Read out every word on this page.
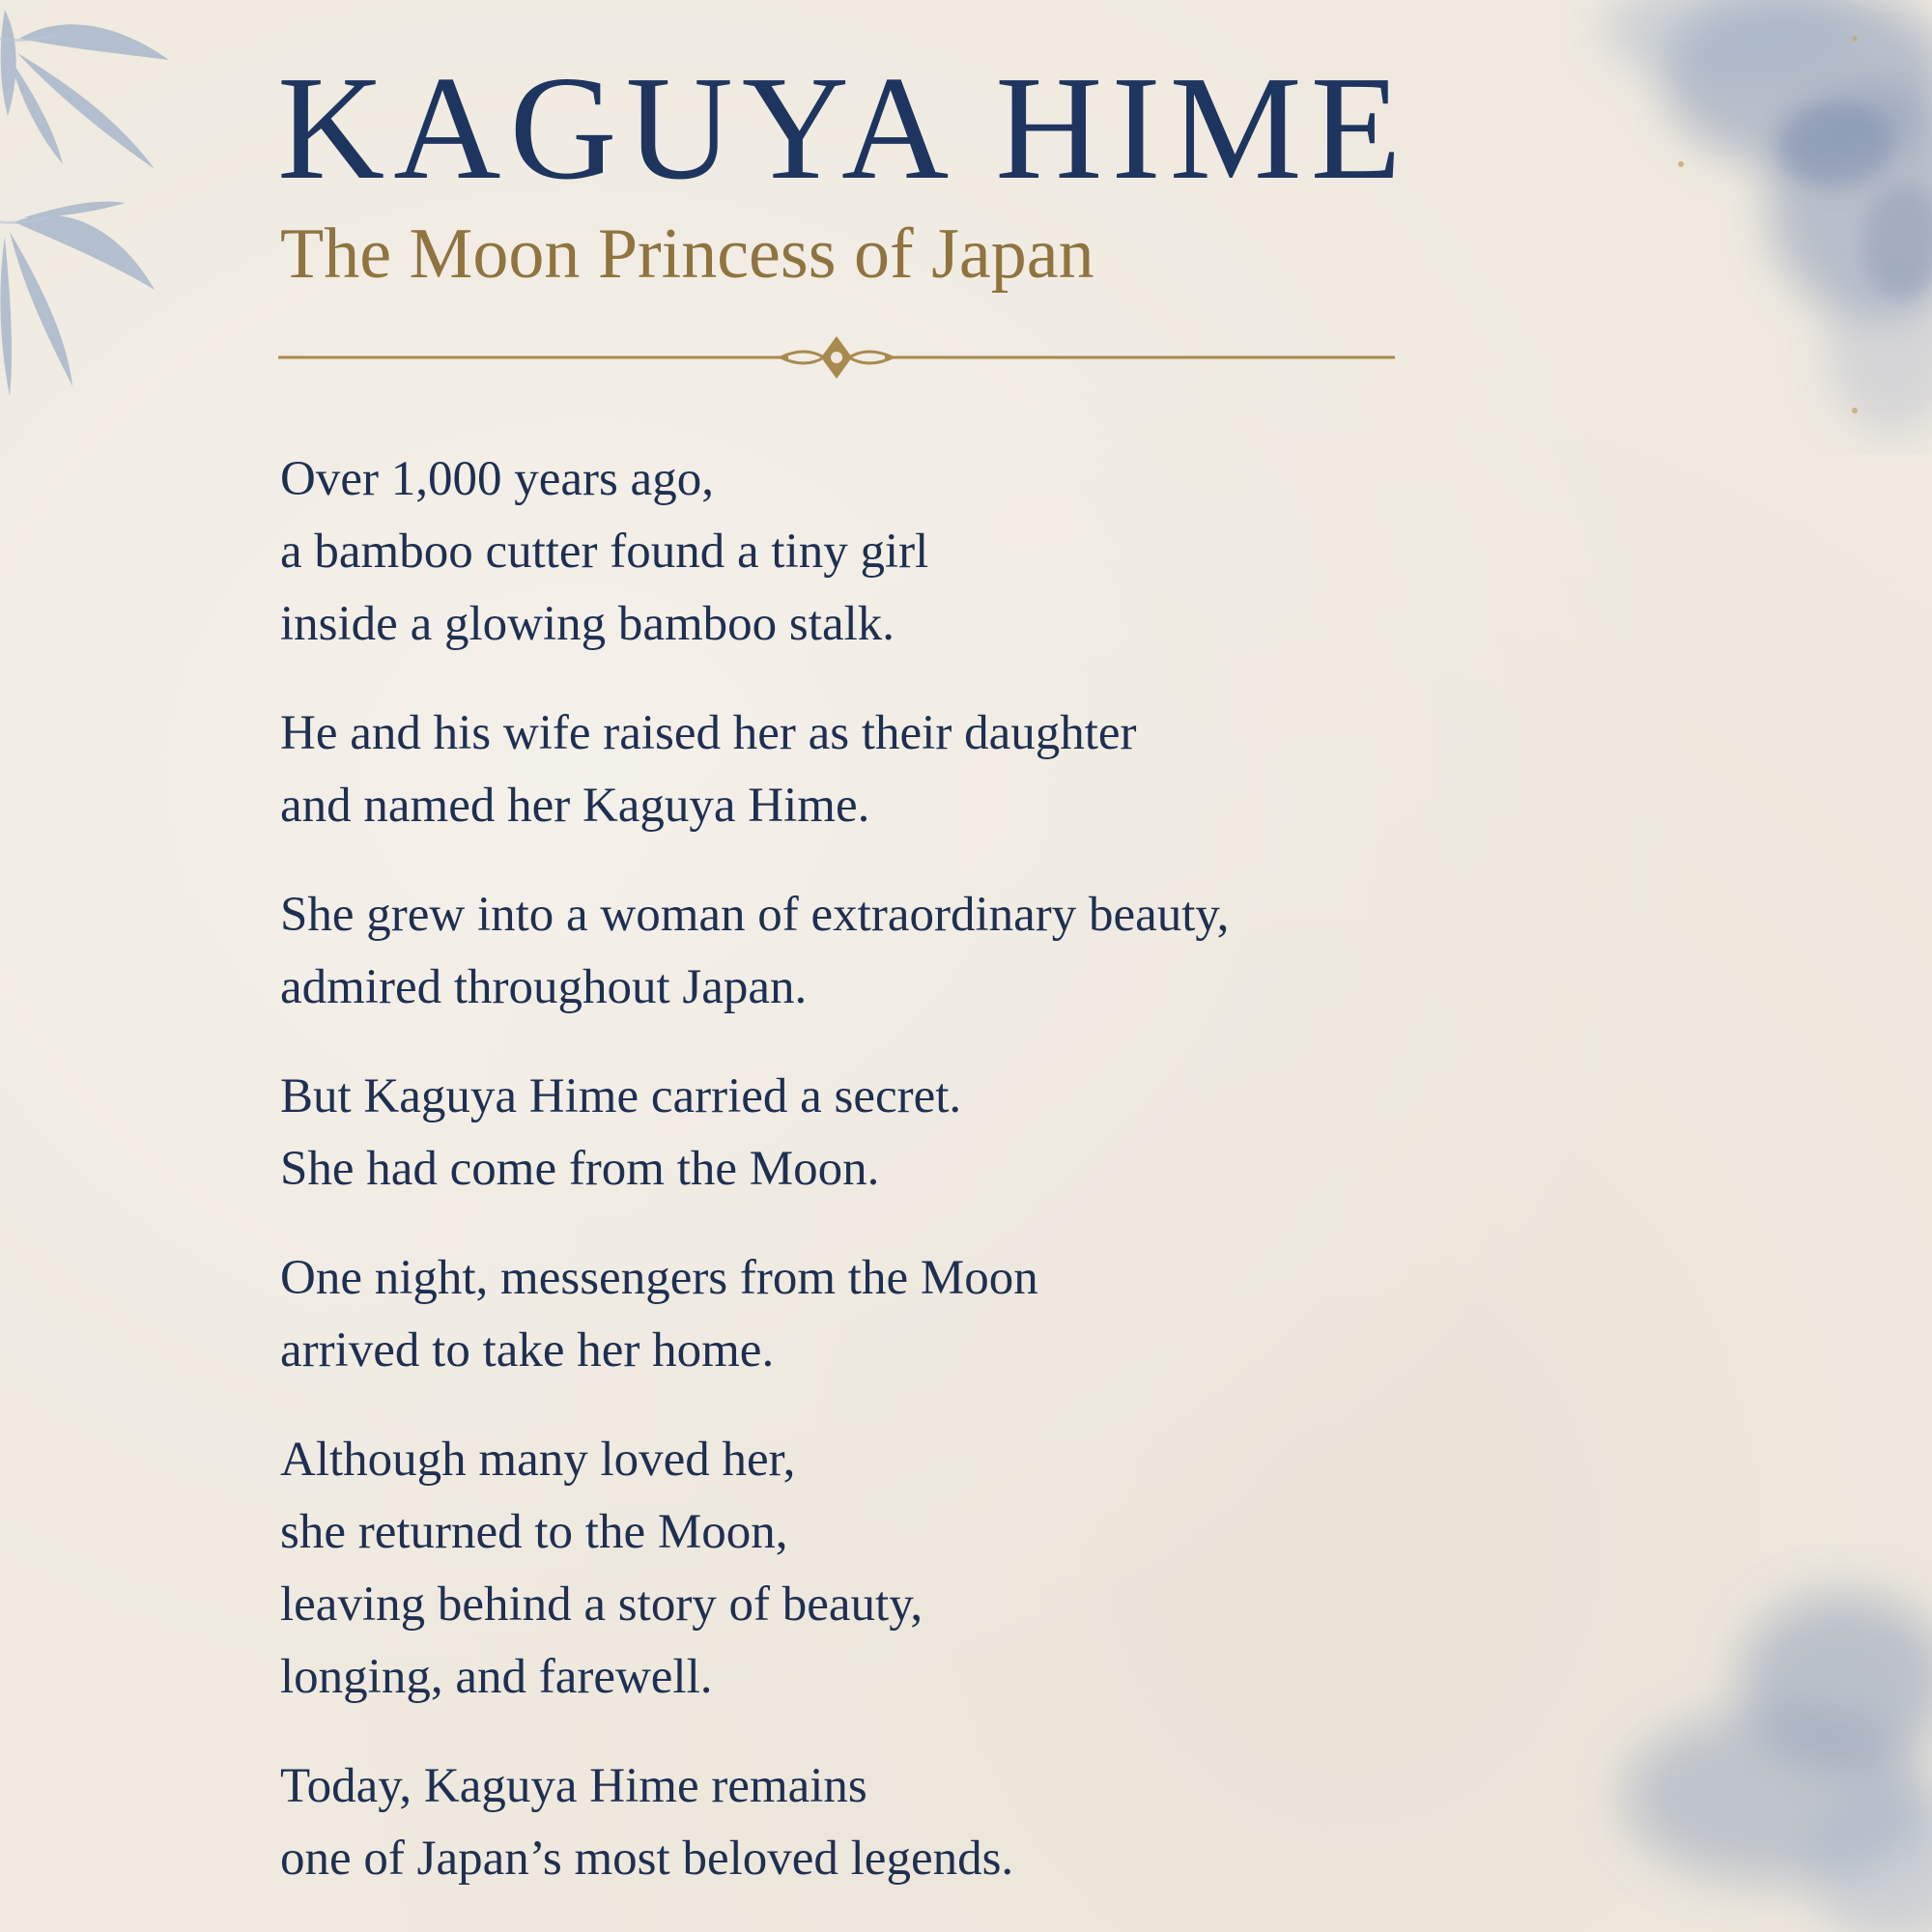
KAGUYA HIME
The Moon Princess of Japan

Over 1,000 years ago,
a bamboo cutter found a tiny girl
inside a glowing bamboo stalk.

He and his wife raised her as their daughter
and named her Kaguya Hime.

She grew into a woman of extraordinary beauty,
admired throughout Japan.

But Kaguya Hime carried a secret.
She had come from the Moon.

One night, messengers from the Moon
arrived to take her home.

Although many loved her,
she returned to the Moon,
leaving behind a story of beauty,
longing, and farewell.

Today, Kaguya Hime remains
one of Japan’s most beloved legends.
